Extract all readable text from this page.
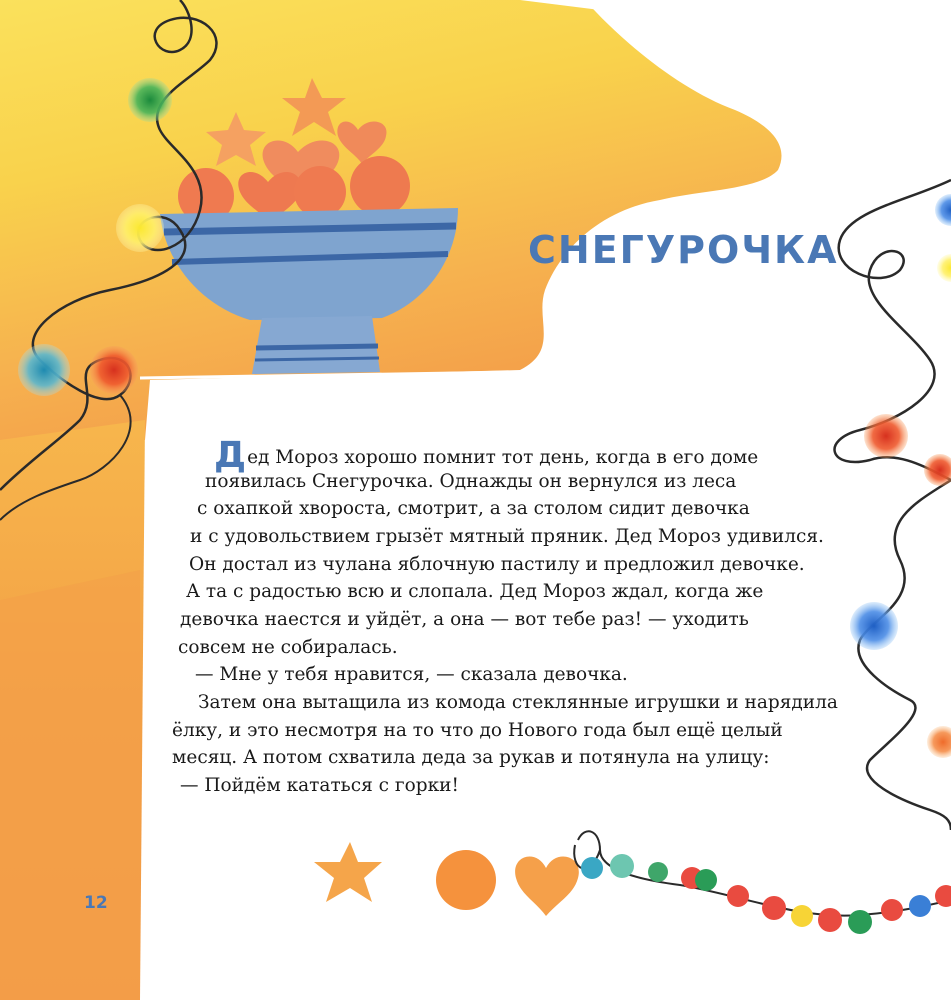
СНЕГУРОЧКА
Дед Мороз хорошо помнит тот день, когда в его доме
появилась Снегурочка. Однажды он вернулся из леса
с охапкой хвороста, смотрит, а за столом сидит девочка
и с удовольствием грызёт мятный пряник. Дед Мороз удивился.
Он достал из чулана яблочную пастилу и предложил девочке.
А та с радостью всю и слопала. Дед Мороз ждал, когда же
девочка наестся и уйдёт, а она — вот тебе раз! — уходить
совсем не собиралась.
— Мне у тебя нравится, — сказала девочка.
Затем она вытащила из комода стеклянные игрушки и нарядила
ёлку, и это несмотря на то что до Нового года был ещё целый
месяц. А потом схватила деда за рукав и потянула на улицу:
— Пойдём кататься с горки!
12
